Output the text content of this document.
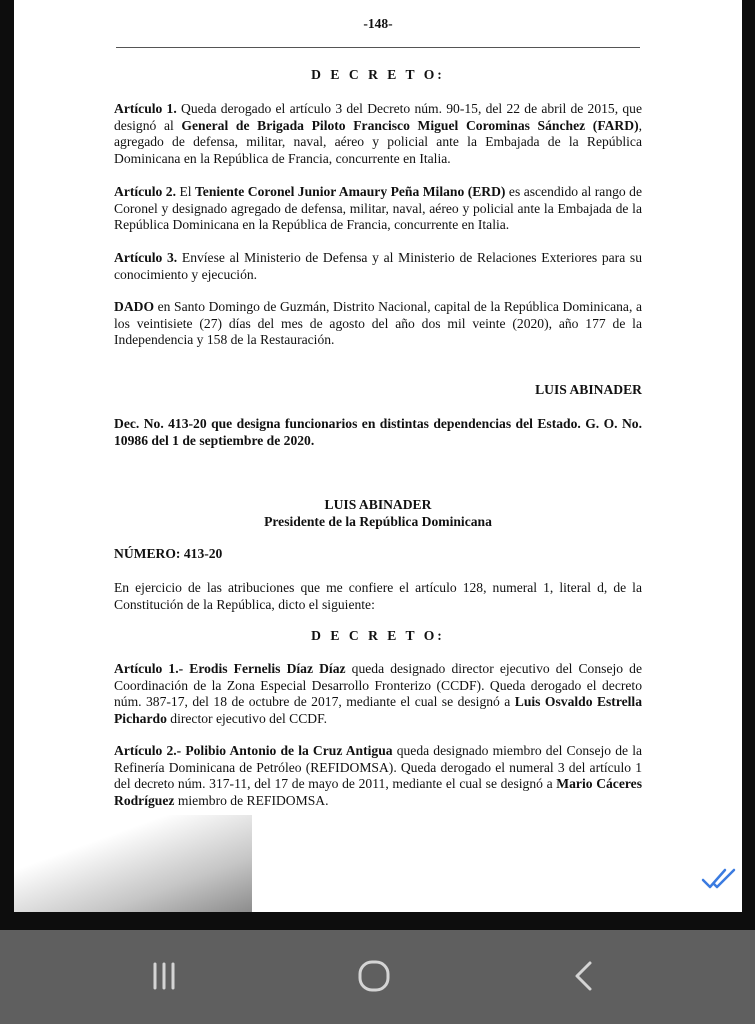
-148-
D E C R E T O:
Artículo 1. Queda derogado el artículo 3 del Decreto núm. 90-15, del 22 de abril de 2015, que designó al General de Brigada Piloto Francisco Miguel Corominas Sánchez (FARD), agregado de defensa, militar, naval, aéreo y policial ante la Embajada de la República Dominicana en la República de Francia, concurrente en Italia.
Artículo 2. El Teniente Coronel Junior Amaury Peña Milano (ERD) es ascendido al rango de Coronel y designado agregado de defensa, militar, naval, aéreo y policial ante la Embajada de la República Dominicana en la República de Francia, concurrente en Italia.
Artículo 3. Envíese al Ministerio de Defensa y al Ministerio de Relaciones Exteriores para su conocimiento y ejecución.
DADO en Santo Domingo de Guzmán, Distrito Nacional, capital de la República Dominicana, a los veintisiete (27) días del mes de agosto del año dos mil veinte (2020), año 177 de la Independencia y 158 de la Restauración.
LUIS ABINADER
Dec. No. 413-20 que designa funcionarios en distintas dependencias del Estado. G. O. No. 10986 del 1 de septiembre de 2020.
LUIS ABINADER
Presidente de la República Dominicana
NÚMERO: 413-20
En ejercicio de las atribuciones que me confiere el artículo 128, numeral 1, literal d, de la Constitución de la República, dicto el siguiente:
D E C R E T O:
Artículo 1.- Erodis Fernelis Díaz Díaz queda designado director ejecutivo del Consejo de Coordinación de la Zona Especial Desarrollo Fronterizo (CCDF). Queda derogado el decreto núm. 387-17, del 18 de octubre de 2017, mediante el cual se designó a Luis Osvaldo Estrella Pichardo director ejecutivo del CCDF.
Artículo 2.- Polibio Antonio de la Cruz Antigua queda designado miembro del Consejo de la Refinería Dominicana de Petróleo (REFIDOMSA). Queda derogado el numeral 3 del artículo 1 del decreto núm. 317-11, del 17 de mayo de 2011, mediante el cual se designó a Mario Cáceres Rodríguez miembro de REFIDOMSA.
